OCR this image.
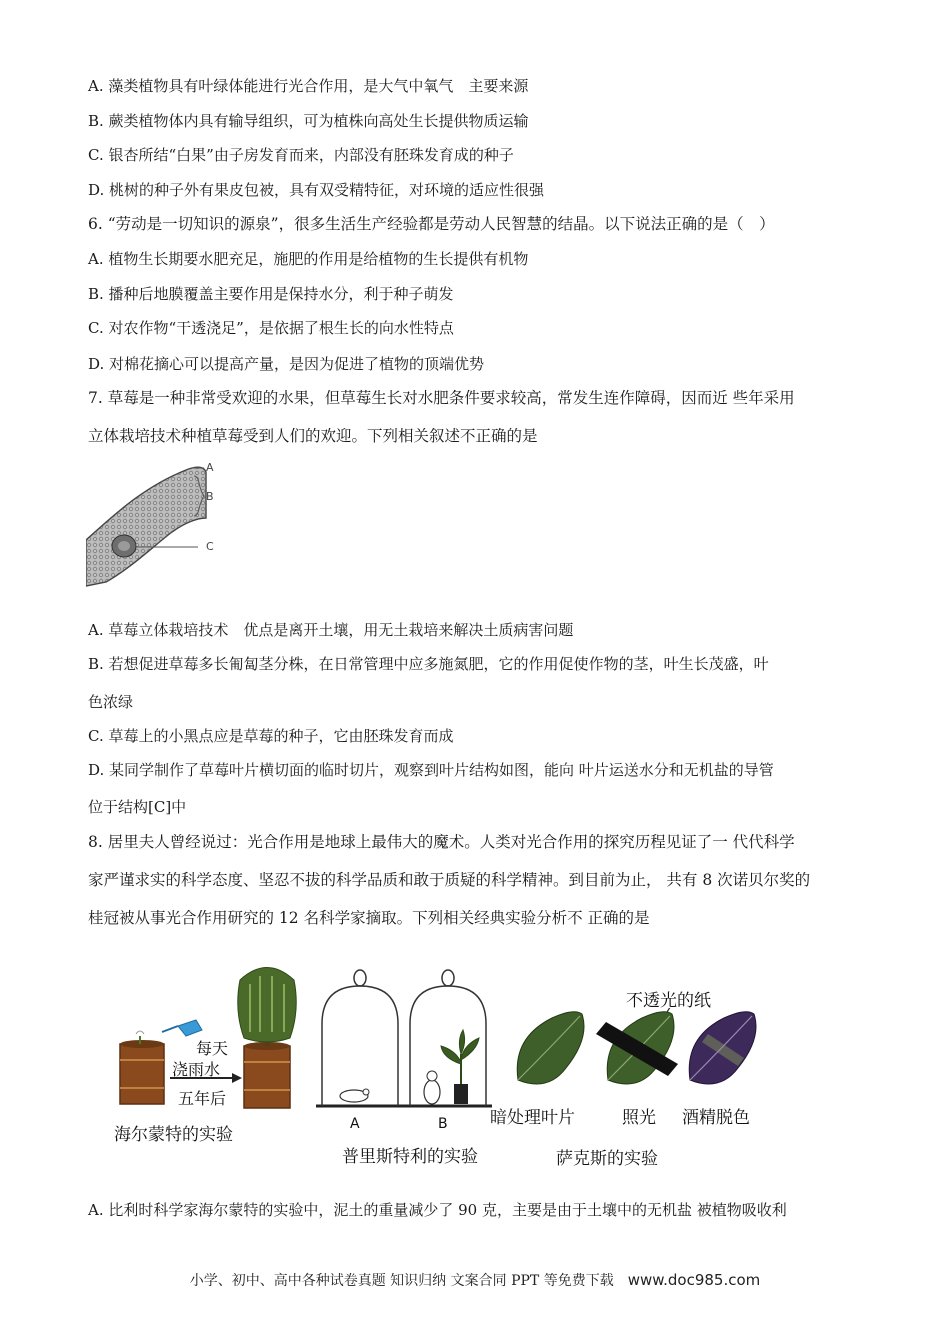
A. 藻类植物具有叶绿体能进行光合作用，是大气中氧气　主要来源
B. 蕨类植物体内具有输导组织，可为植株向高处生长提供物质运输
C. 银杏所结“白果”由子房发育而来，内部没有胚珠发育成的种子
D. 桃树的种子外有果皮包被，具有双受精特征，对环境的适应性很强
6. “劳动是一切知识的源泉”，很多生活生产经验都是劳动人民智慧的结晶。以下说法正确的是（　）
A. 植物生长期要水肥充足，施肥的作用是给植物的生长提供有机物
B. 播种后地膜覆盖主要作用是保持水分，利于种子萌发
C. 对农作物“干透浇足”，是依据了根生长的向水性特点
D. 对棉花摘心可以提高产量，是因为促进了植物的顶端优势
7. 草莓是一种非常受欢迎的水果，但草莓生长对水肥条件要求较高，常发生连作障碍，因而近 些年采用
立体栽培技术种植草莓受到人们的欢迎。下列相关叙述不正确的是
A
B
C
A. 草莓立体栽培技术　优点是离开土壤，用无土栽培来解决土质病害问题
B. 若想促进草莓多长匍匐茎分株，在日常管理中应多施氮肥，它的作用促使作物的茎，叶生长茂盛，叶
色浓绿
C. 草莓上的小黑点应是草莓的种子，它由胚珠发育而成
D. 某同学制作了草莓叶片横切面的临时切片，观察到叶片结构如图，能向 叶片运送水分和无机盐的导管
位于结构[C]中
8. 居里夫人曾经说过：光合作用是地球上最伟大的魔术。人类对光合作用的探究历程见证了一 代代科学
家严谨求实的科学态度、坚忍不拔的科学品质和敢于质疑的科学精神。到目前为止， 共有 8 次诺贝尔奖的
桂冠被从事光合作用研究的 12 名科学家摘取。下列相关经典实验分析不 正确的是
每天
浇雨水
五年后
海尔蒙特的实验
A	B
普里斯特利的实验
不透光的纸
暗处理叶片	照光 酒精脱色
萨克斯的实验
A. 比利时科学家海尔蒙特的实验中，泥土的重量减少了 90 克，主要是由于土壤中的无机盐 被植物吸收利
小学、初中、高中各种试卷真题 知识归纳 文案合同 PPT 等免费下载 www.doc985.com
